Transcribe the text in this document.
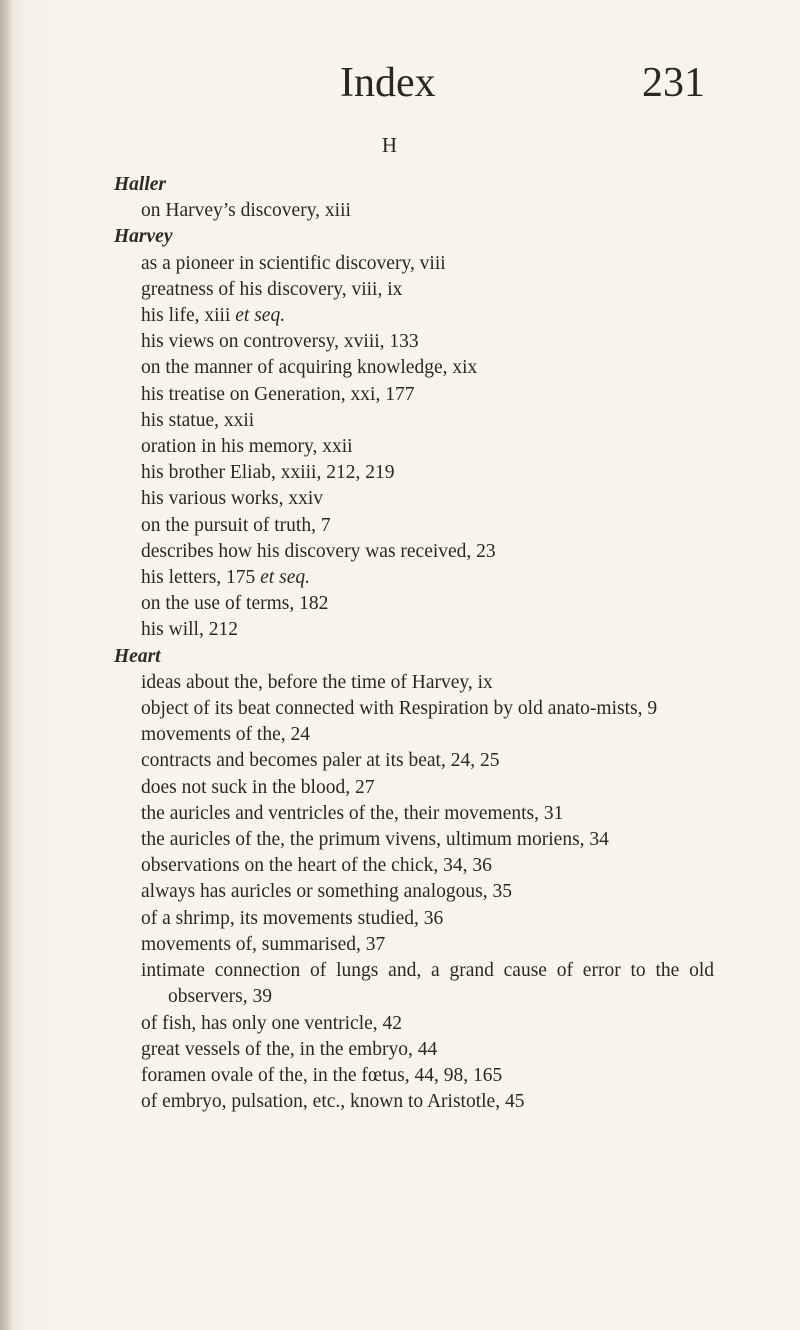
Index	231
H

Haller

on Harvey’s discovery, xiii

Harvey

as a pioneer in scientific discovery, viii

greatness of his discovery, viii, ix

his life, xiii et seq.

his views on controversy, xviii, 133

on the manner of acquiring knowledge, xix

his treatise on Generation, xxi, 177

his statue, xxii

oration in his memory, xxii

his brother Eliab, xxiii, 212, 219

his various works, xxiv

on the pursuit of truth, 7

describes how his discovery was received, 23

his letters, 175 et seq.

on the use of terms, 182

his will, 212

Heart

ideas about the, before the time of Harvey, ix

object of its beat connected with Respiration by old anato-mists, 9

movements of the, 24

contracts and becomes paler at its beat, 24, 25

does not suck in the blood, 27

the auricles and ventricles of the, their movements, 31

the auricles of the, the primum vivens, ultimum moriens, 34

observations on the heart of the chick, 34, 36

always has auricles or something analogous, 35

of a shrimp, its movements studied, 36

movements of, summarised, 37

intimate connection of lungs and, a grand cause of error to the old observers, 39

of fish, has only one ventricle, 42

great vessels of the, in the embryo, 44

foramen ovale of the, in the fœtus, 44, 98, 165

of embryo, pulsation, etc., known to Aristotle, 45
